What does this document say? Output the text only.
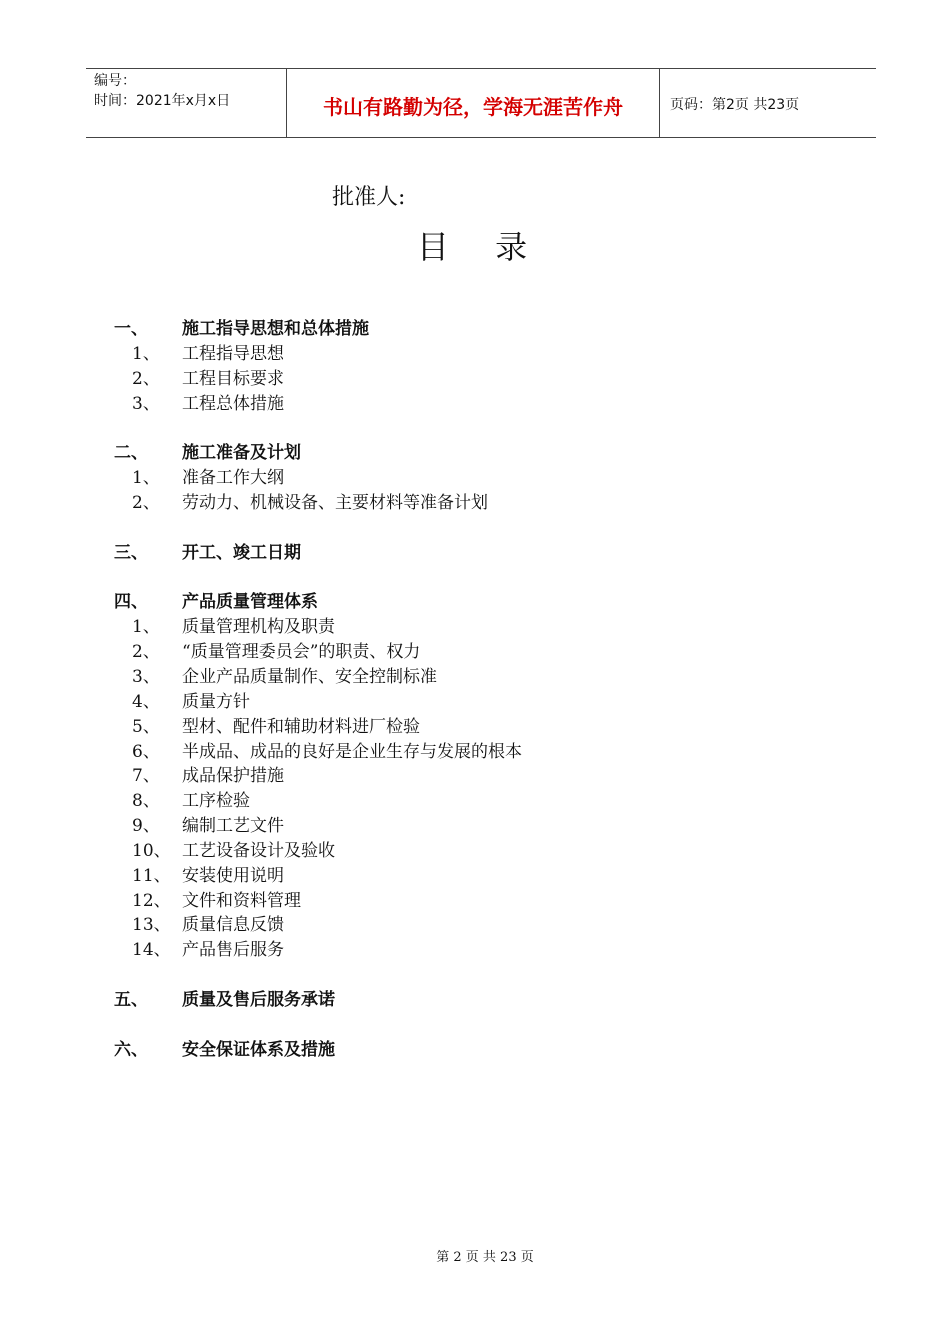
编号：
时间：2021年x月x日	书山有路勤为径，学海无涯苦作舟	页码：第2页 共23页
批准人:
目 录
一、 施工指导思想和总体措施
1、 工程指导思想
2、 工程目标要求
3、 工程总体措施
二、 施工准备及计划
1、 准备工作大纲
2、 劳动力、机械设备、主要材料等准备计划
三、 开工、竣工日期
四、 产品质量管理体系
1、 质量管理机构及职责
2、 “质量管理委员会”的职责、权力
3、 企业产品质量制作、安全控制标准
4、 质量方针
5、 型材、配件和辅助材料进厂检验
6、 半成品、成品的良好是企业生存与发展的根本
7、 成品保护措施
8、 工序检验
9、 编制工艺文件
10、 工艺设备设计及验收
11、 安装使用说明
12、 文件和资料管理
13、 质量信息反馈
14、 产品售后服务
五、 质量及售后服务承诺
六、 安全保证体系及措施
第 2 页 共 23 页
